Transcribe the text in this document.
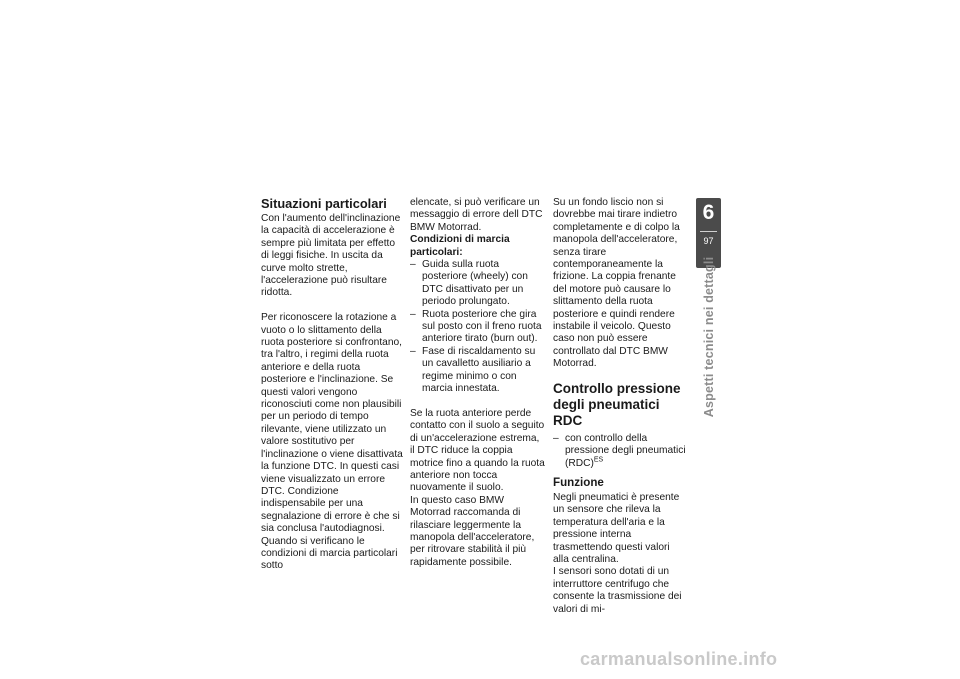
Situazioni particolari

Con l'aumento dell'inclinazione la capacità di accelerazione è sempre più limitata per effetto di leggi fisiche. In uscita da curve molto strette, l'accelerazione può risultare ridotta.

Per riconoscere la rotazione a vuoto o lo slittamento della ruota posteriore si confrontano, tra l'altro, i regimi della ruota anteriore e della ruota posteriore e l'inclinazione. Se questi valori vengono riconosciuti come non plausibili per un periodo di tempo rilevante, viene utilizzato un valore sostitutivo per l'inclinazione o viene disattivata la funzione DTC. In questi casi viene visualizzato un errore DTC. Condizione indispensabile per una segnalazione di errore è che si sia conclusa l'autodiagnosi.

Quando si verificano le condizioni di marcia particolari sotto

elencate, si può verificare un messaggio di errore dell DTC BMW Motorrad.

Condizioni di marcia particolari:

– Guida sulla ruota posteriore (wheely) con DTC disattivato per un periodo prolungato.
– Ruota posteriore che gira sul posto con il freno ruota anteriore tirato (burn out).
– Fase di riscaldamento su un cavalletto ausiliario a regime minimo o con marcia innestata.

Se la ruota anteriore perde contatto con il suolo a seguito di un'accelerazione estrema, il DTC riduce la coppia motrice fino a quando la ruota anteriore non tocca nuovamente il suolo.

In questo caso BMW Motorrad raccomanda di rilasciare leggermente la manopola dell'acceleratore, per ritrovare stabilità il più rapidamente possibile.

Su un fondo liscio non si dovrebbe mai tirare indietro completamente e di colpo la manopola dell'acceleratore, senza tirare contemporaneamente la frizione. La coppia frenante del motore può causare lo slittamento della ruota posteriore e quindi rendere instabile il veicolo. Questo caso non può essere controllato dal DTC BMW Motorrad.

Controllo pressione degli pneumatici RDC
– con controllo della pressione degli pneumatici (RDC)$^{ES}$
Funzione

Negli pneumatici è presente un sensore che rileva la temperatura dell'aria e la pressione interna trasmettendo questi valori alla centralina.

I sensori sono dotati di un interruttore centrifugo che consente la trasmissione dei valori di mi-

6
97
Aspetti tecnici nei dettagli
carmanualsonline.info
